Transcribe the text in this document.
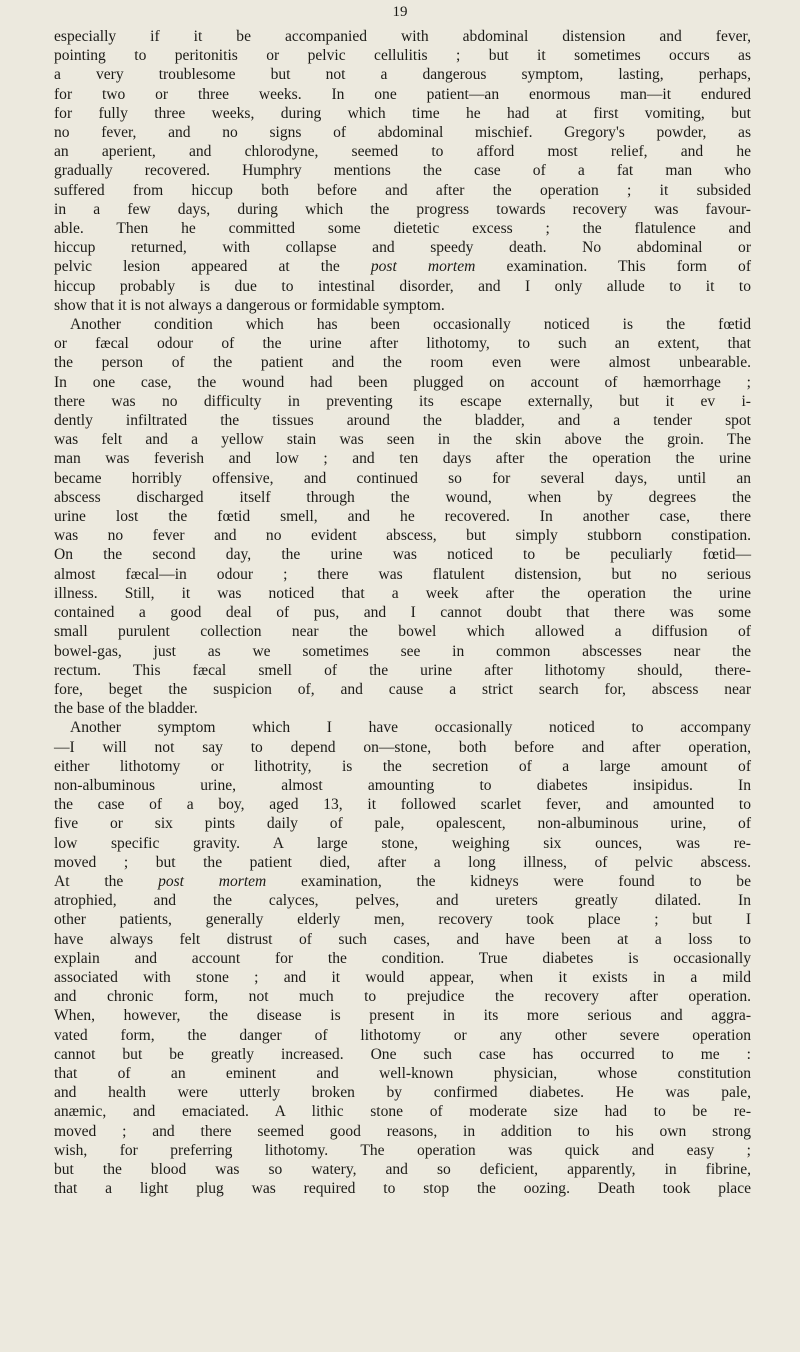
19

especially if it be accompanied with abdominal distension and fever,
pointing to peritonitis or pelvic cellulitis ; but it sometimes occurs as
a very troublesome but not a dangerous symptom, lasting, perhaps,
for two or three weeks. In one patient—an enormous man—it endured
for fully three weeks, during which time he had at first vomiting, but
no fever, and no signs of abdominal mischief. Gregory's powder, as
an aperient, and chlorodyne, seemed to afford most relief, and he
gradually recovered. Humphry mentions the case of a fat man who
suffered from hiccup both before and after the operation ; it subsided
in a few days, during which the progress towards recovery was favour-
able. Then he committed some dietetic excess ; the flatulence and
hiccup returned, with collapse and speedy death. No abdominal or
pelvic lesion appeared at the post mortem examination. This form of
hiccup probably is due to intestinal disorder, and I only allude to it to
show that it is not always a dangerous or formidable symptom.

Another condition which has been occasionally noticed is the fœtid
or fæcal odour of the urine after lithotomy, to such an extent, that
the person of the patient and the room even were almost unbearable.
In one case, the wound had been plugged on account of hæmorrhage ;
there was no difficulty in preventing its escape externally, but it ev i-
dently infiltrated the tissues around the bladder, and a tender spot
was felt and a yellow stain was seen in the skin above the groin. The
man was feverish and low ; and ten days after the operation the urine
became horribly offensive, and continued so for several days, until an
abscess discharged itself through the wound, when by degrees the
urine lost the fœtid smell, and he recovered. In another case, there
was no fever and no evident abscess, but simply stubborn constipation.
On the second day, the urine was noticed to be peculiarly fœtid—
almost fæcal—in odour ; there was flatulent distension, but no serious
illness. Still, it was noticed that a week after the operation the urine
contained a good deal of pus, and I cannot doubt that there was some
small purulent collection near the bowel which allowed a diffusion of
bowel-gas, just as we sometimes see in common abscesses near the
rectum. This fæcal smell of the urine after lithotomy should, there-
fore, beget the suspicion of, and cause a strict search for, abscess near
the base of the bladder.

Another symptom which I have occasionally noticed to accompany
—I will not say to depend on—stone, both before and after operation,
either lithotomy or lithotrity, is the secretion of a large amount of
non-albuminous urine, almost amounting to diabetes insipidus. In
the case of a boy, aged 13, it followed scarlet fever, and amounted to
five or six pints daily of pale, opalescent, non-albuminous urine, of
low specific gravity. A large stone, weighing six ounces, was re-
moved ; but the patient died, after a long illness, of pelvic abscess.
At the post mortem examination, the kidneys were found to be
atrophied, and the calyces, pelves, and ureters greatly dilated. In
other patients, generally elderly men, recovery took place ; but I
have always felt distrust of such cases, and have been at a loss to
explain and account for the condition. True diabetes is occasionally
associated with stone ; and it would appear, when it exists in a mild
and chronic form, not much to prejudice the recovery after operation.
When, however, the disease is present in its more serious and aggra-
vated form, the danger of lithotomy or any other severe operation
cannot but be greatly increased. One such case has occurred to me :
that of an eminent and well-known physician, whose constitution
and health were utterly broken by confirmed diabetes. He was pale,
anæmic, and emaciated. A lithic stone of moderate size had to be re-
moved ; and there seemed good reasons, in addition to his own strong
wish, for preferring lithotomy. The operation was quick and easy ;
but the blood was so watery, and so deficient, apparently, in fibrine,
that a light plug was required to stop the oozing. Death took place
